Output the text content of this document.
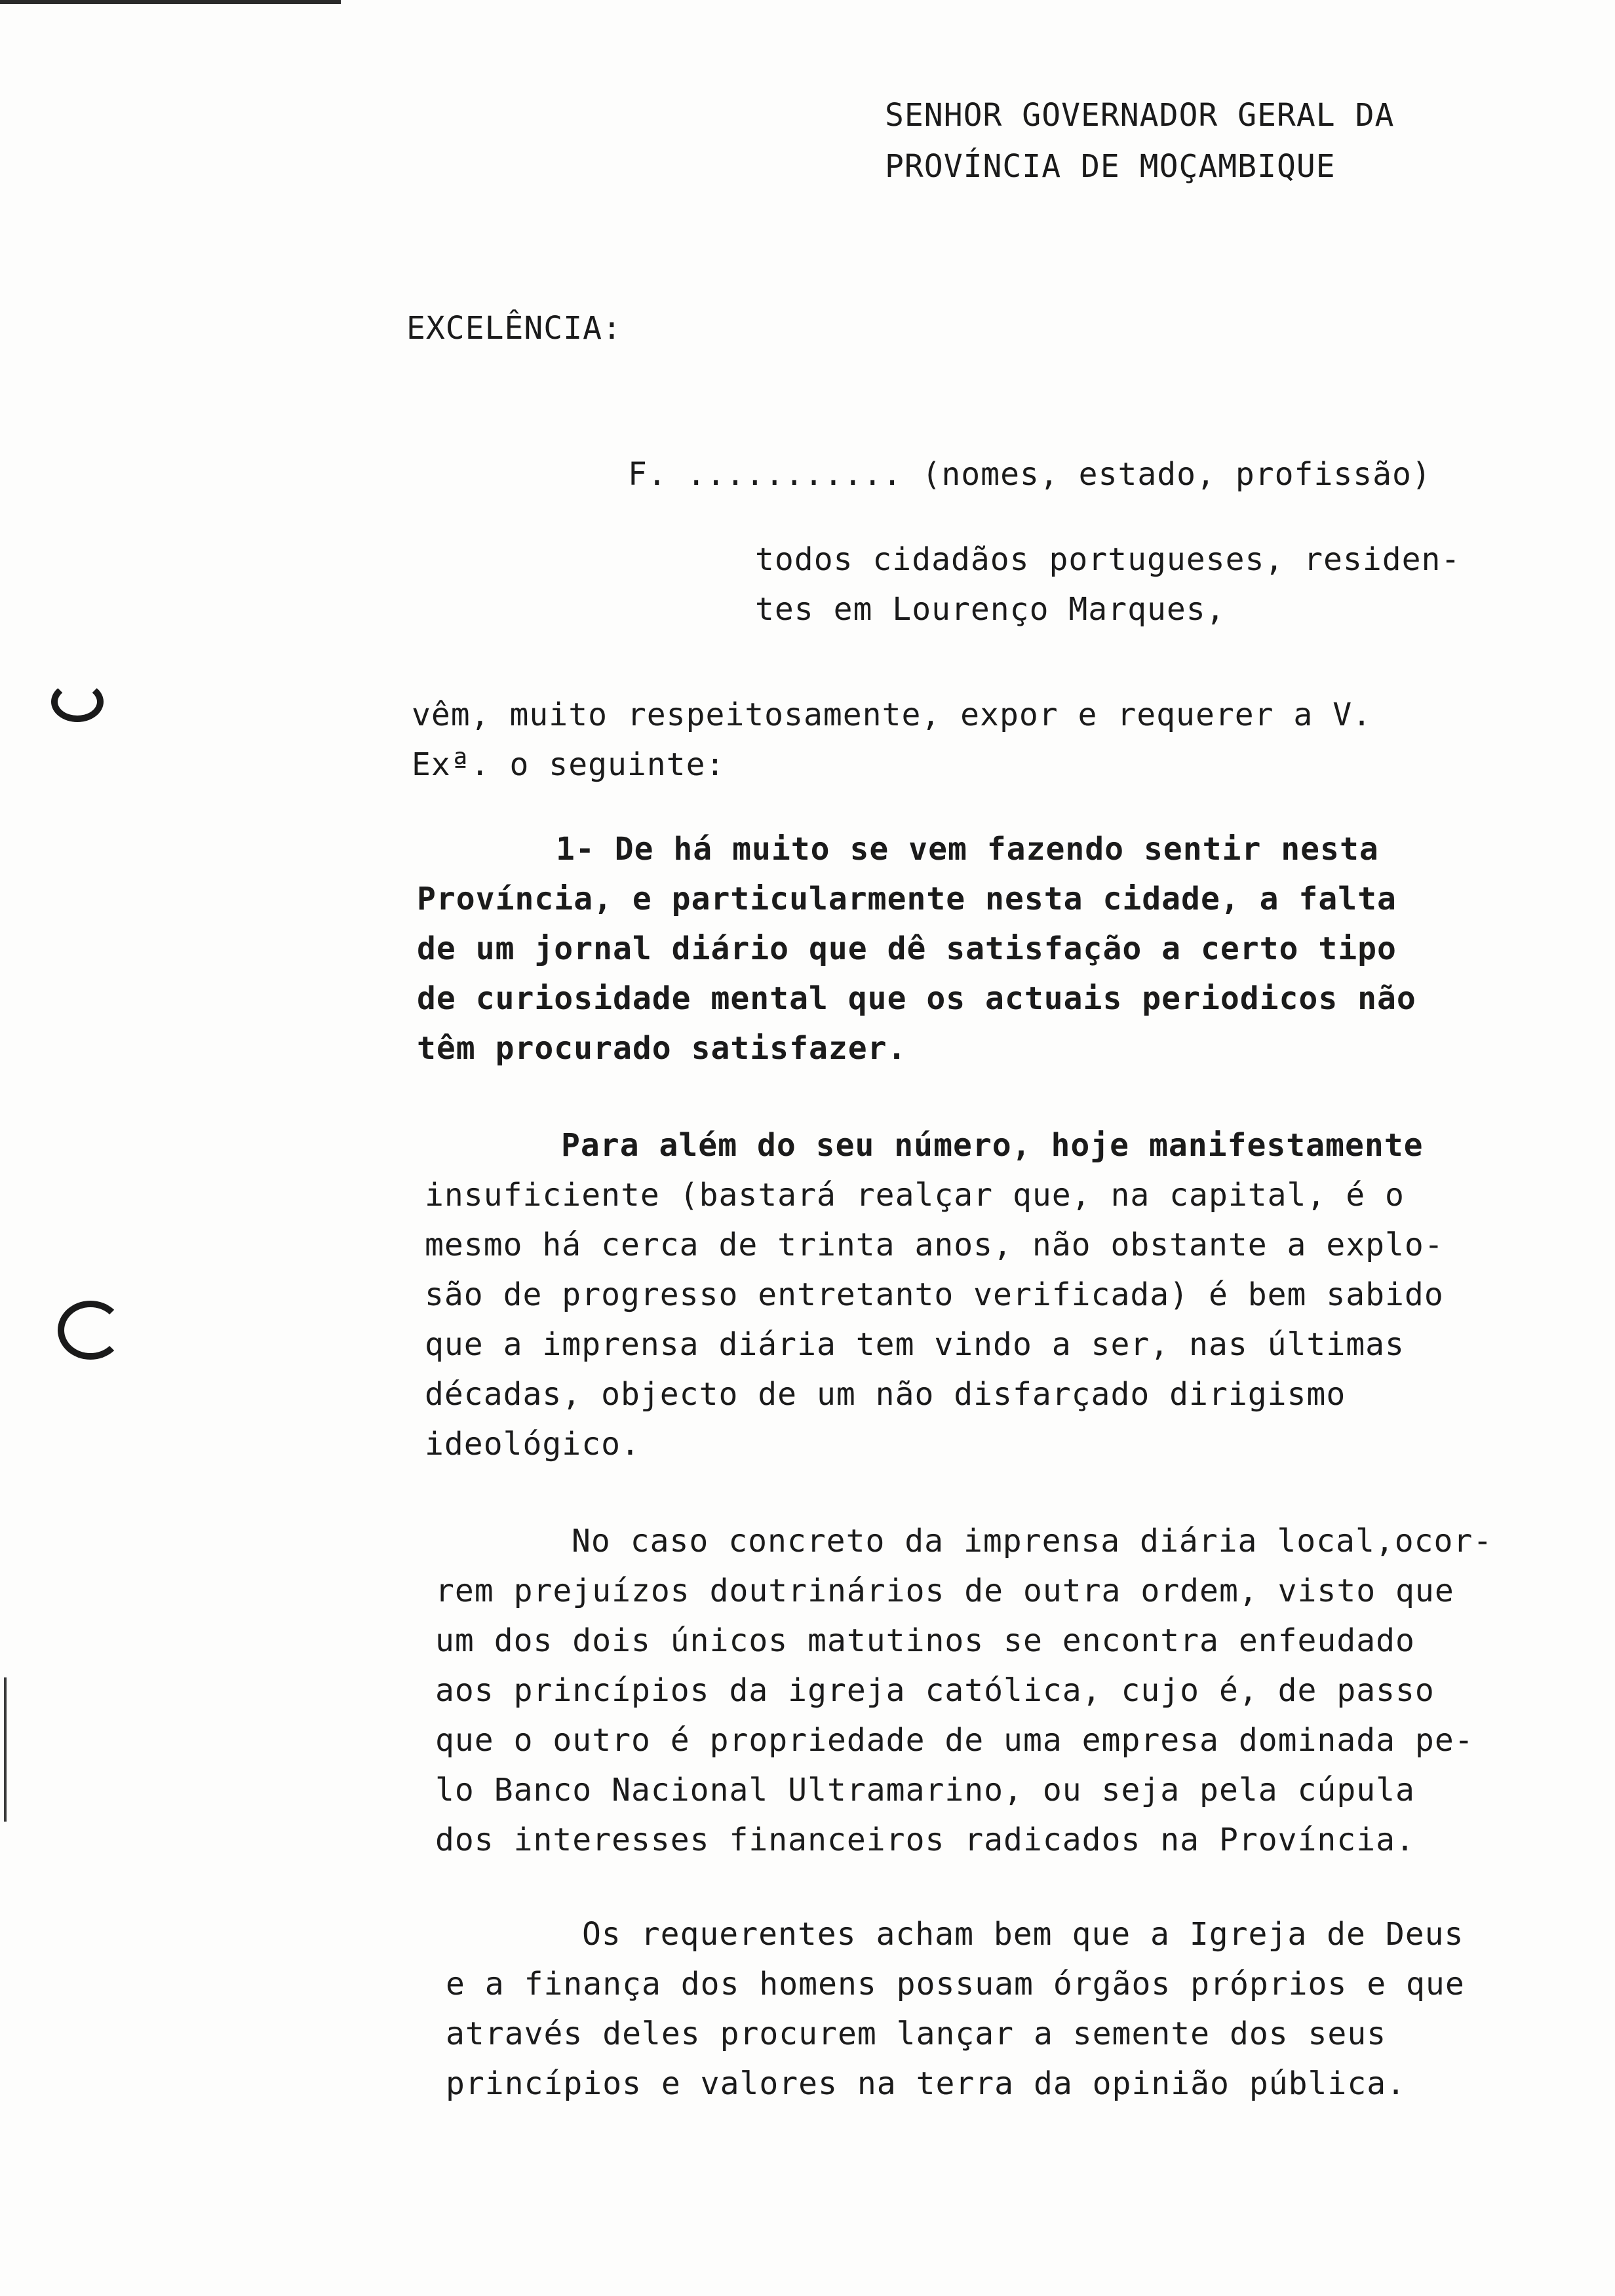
SENHOR GOVERNADOR GERAL DA
PROVÍNCIA DE MOÇAMBIQUE
EXCELÊNCIA:
F. ........... (nomes, estado, profissão)
todos cidadãos portugueses, residen-
tes em Lourenço Marques,
vêm, muito respeitosamente, expor e requerer a V.
Exª. o seguinte:
1- De há muito se vem fazendo sentir nesta
Província, e particularmente nesta cidade, a falta
de um jornal diário que dê satisfação a certo tipo
de curiosidade mental que os actuais periodicos não
têm procurado satisfazer.
Para além do seu número, hoje manifestamente
insuficiente (bastará realçar que, na capital, é o
mesmo há cerca de trinta anos, não obstante a explo-
são de progresso entretanto verificada) é bem sabido
que a imprensa diária tem vindo a ser, nas últimas
décadas, objecto de um não disfarçado dirigismo
ideológico.
No caso concreto da imprensa diária local,ocor-
rem prejuízos doutrinários de outra ordem, visto que
um dos dois únicos matutinos se encontra enfeudado
aos princípios da igreja católica, cujo é, de passo
que o outro é propriedade de uma empresa dominada pe-
lo Banco Nacional Ultramarino, ou seja pela cúpula
dos interesses financeiros radicados na Província.
Os requerentes acham bem que a Igreja de Deus
e a finança dos homens possuam órgãos próprios e que
através deles procurem lançar a semente dos seus
princípios e valores na terra da opinião pública.
